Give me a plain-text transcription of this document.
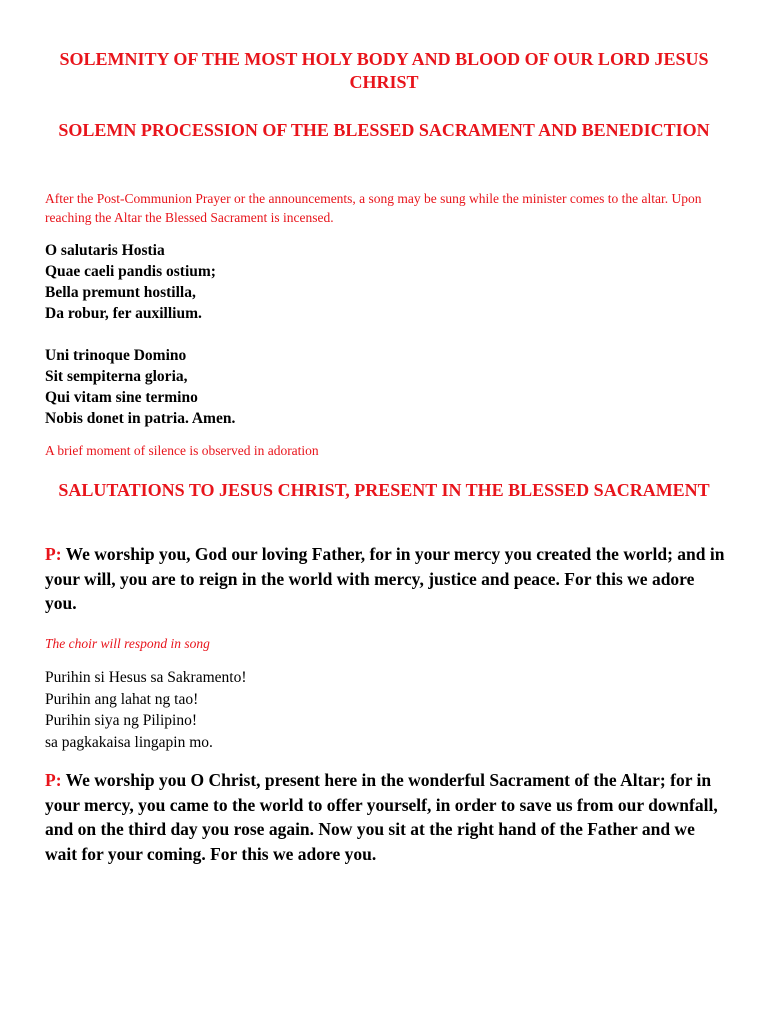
SOLEMNITY OF THE MOST HOLY BODY AND BLOOD OF OUR LORD JESUS CHRIST
SOLEMN PROCESSION OF THE BLESSED SACRAMENT AND BENEDICTION

After the Post-Communion Prayer or the announcements, a song may be sung while the minister comes to the altar. Upon reaching the Altar the Blessed Sacrament is incensed.

O salutaris Hostia
Quae caeli pandis ostium;
Bella premunt hostilla,
Da robur, fer auxillium.
Uni trinoque Domino
Sit sempiterna gloria,
Qui vitam sine termino
Nobis donet in patria. Amen.

A brief moment of silence is observed in adoration

SALUTATIONS TO JESUS CHRIST, PRESENT IN THE BLESSED SACRAMENT

P: We worship you, God our loving Father, for in your mercy you created the world; and in your will, you are to reign in the world with mercy, justice and peace. For this we adore you.

The choir will respond in song

Purihin si Hesus sa Sakramento!
Purihin ang lahat ng tao!
Purihin siya ng Pilipino!
sa pagkakaisa lingapin mo.

P: We worship you O Christ, present here in the wonderful Sacrament of the Altar; for in your mercy, you came to the world to offer yourself, in order to save us from our downfall, and on the third day you rose again. Now you sit at the right hand of the Father and we wait for your coming. For this we adore you.
